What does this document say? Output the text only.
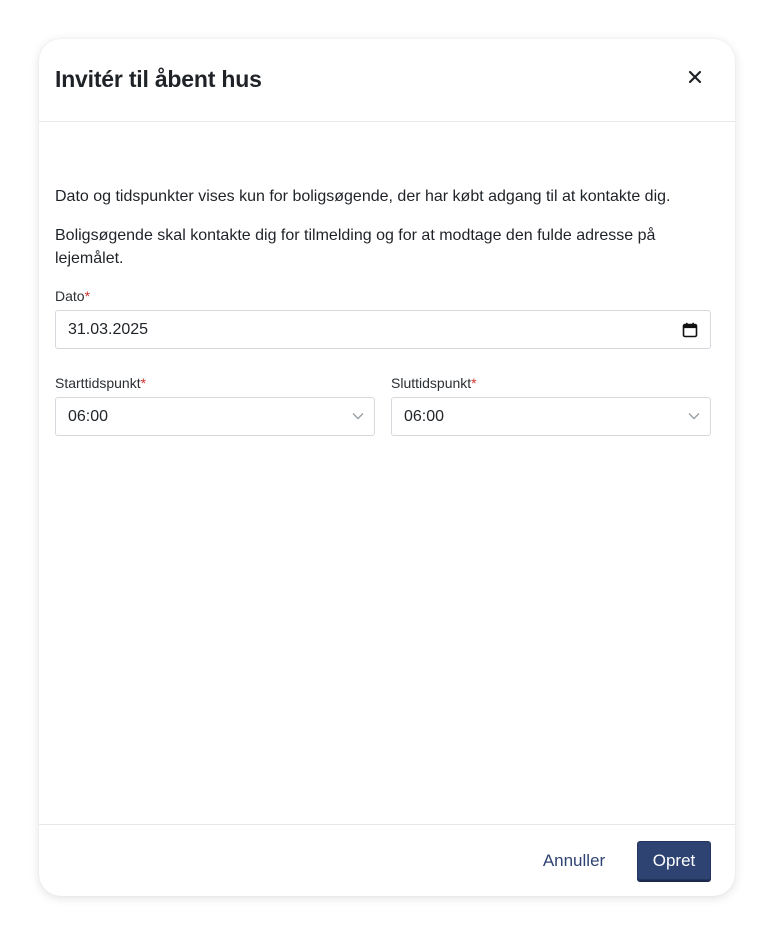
Invitér til åbent hus
Dato og tidspunkter vises kun for boligsøgende, der har købt adgang til at kontakte dig.
Boligsøgende skal kontakte dig for tilmelding og for at modtage den fulde adresse på lejemålet.
Dato*
31.03.2025
Starttidspunkt*
06:00
Sluttidspunkt*
06:00
Annuller	Opret
